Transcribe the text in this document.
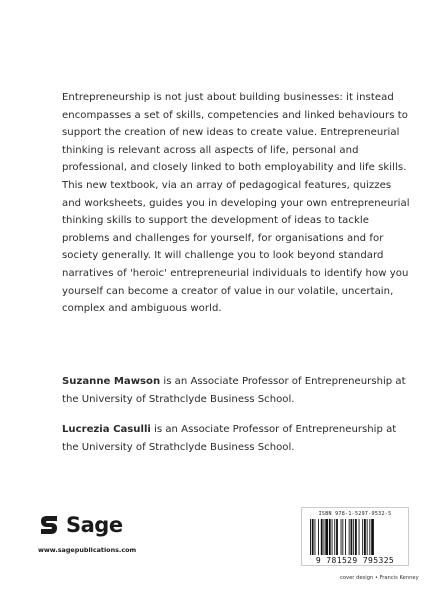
Entrepreneurship is not just about building businesses: it instead encompasses a set of skills, competencies and linked behaviours to support the creation of new ideas to create value. Entrepreneurial thinking is relevant across all aspects of life, personal and professional, and closely linked to both employability and life skills. This new textbook, via an array of pedagogical features, quizzes and worksheets, guides you in developing your own entrepreneurial thinking skills to support the development of ideas to tackle problems and challenges for yourself, for organisations and for society generally. It will challenge you to look beyond standard narratives of 'heroic' entrepreneurial individuals to identify how you yourself can become a creator of value in our volatile, uncertain, complex and ambiguous world.

Suzanne Mawson is an Associate Professor of Entrepreneurship at the University of Strathclyde Business School.

Lucrezia Casulli is an Associate Professor of Entrepreneurship at the University of Strathclyde Business School.

Sage
www.sagepublications.com
ISBN 978-1-5297-9532-5
9 781529 795325
cover design • Francis Kenney
